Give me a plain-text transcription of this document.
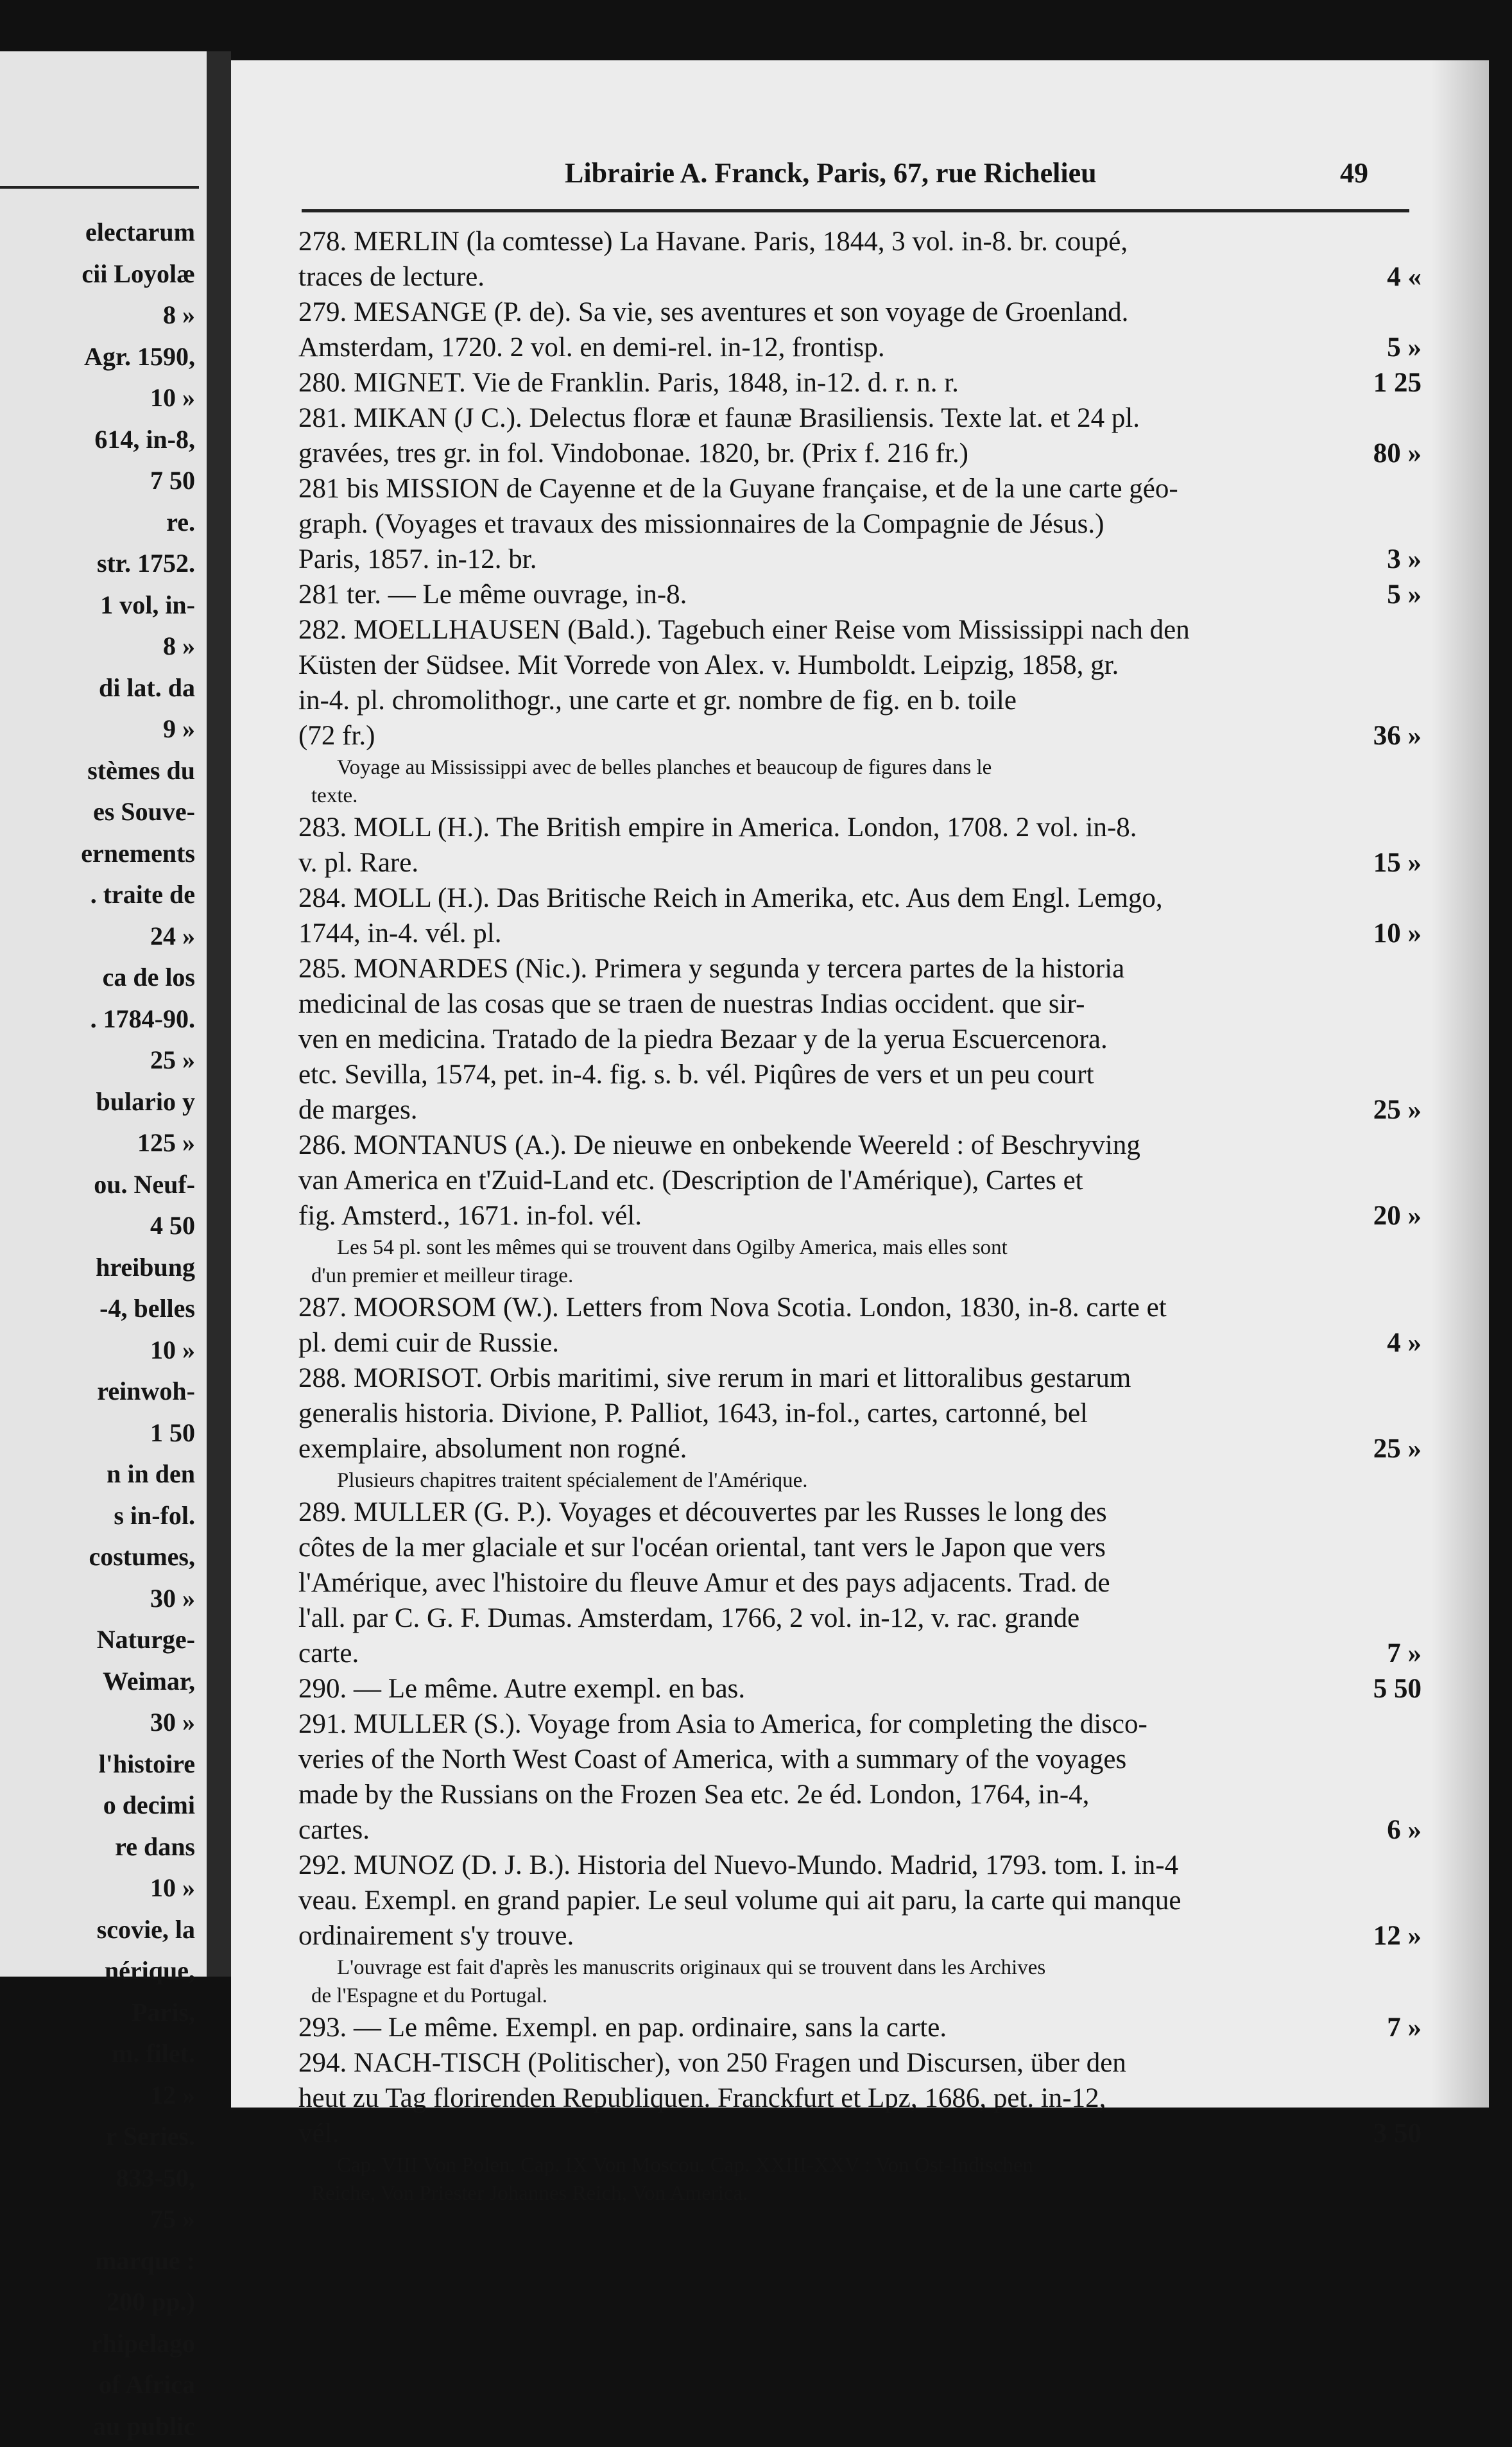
electarum
cii Loyolæ
8 »
Agr. 1590,
10 »
614, in-8,
7 50
re.
str. 1752.
1 vol, in-
8 »
di lat. da
9 »
stèmes du
es Souve-
ernements
. traite de
24 »
ca de los
. 1784-90.
25 »
bulario y
125 »
ou. Neuf-
4 50
hreibung
-4, belles
10 »
reinwoh-
1 50
n in den
s in-fol.
costumes,
30 »
Naturge-
Weimar,
30 »
l'histoire
o decimi
re dans
10 »
scovie, la
nérique,
Paris,
m. filet.
12 »
r Series.
833-50,
75 »
marque :
200 pp.)
rhipelago
of Africa
au public
Librairie A. Franck, Paris, 67, rue Richelieu	49
278. MERLIN (la comtesse) La Havane. Paris, 1844, 3 vol. in-8. br. coupé,
traces de lecture.	4 «
279. MESANGE (P. de). Sa vie, ses aventures et son voyage de Groenland.
Amsterdam, 1720. 2 vol. en demi-rel. in-12, frontisp.	5 »
280. MIGNET. Vie de Franklin. Paris, 1848, in-12. d. r. n. r.	1 25
281. MIKAN (J C.). Delectus floræ et faunæ Brasiliensis. Texte lat. et 24 pl.
gravées, tres gr. in fol. Vindobonae. 1820, br. (Prix f. 216 fr.)	80 »
281 bis MISSION de Cayenne et de la Guyane française, et de la une carte géo-
graph. (Voyages et travaux des missionnaires de la Compagnie de Jésus.)
Paris, 1857. in-12. br.	3 »
281 ter. — Le même ouvrage, in-8.	5 »
282. MOELLHAUSEN (Bald.). Tagebuch einer Reise vom Mississippi nach den
Küsten der Südsee. Mit Vorrede von Alex. v. Humboldt. Leipzig, 1858, gr.
in-4. pl. chromolithogr., une carte et gr. nombre de fig. en b. toile
(72 fr.)	36 »
Voyage au Mississippi avec de belles planches et beaucoup de figures dans le
texte.
283. MOLL (H.). The British empire in America. London, 1708. 2 vol. in-8.
v. pl. Rare.	15 »
284. MOLL (H.). Das Britische Reich in Amerika, etc. Aus dem Engl. Lemgo,
1744, in-4. vél. pl.	10 »
285. MONARDES (Nic.). Primera y segunda y tercera partes de la historia
medicinal de las cosas que se traen de nuestras Indias occident. que sir-
ven en medicina. Tratado de la piedra Bezaar y de la yerua Escuercenora.
etc. Sevilla, 1574, pet. in-4. fig. s. b. vél. Piqûres de vers et un peu court
de marges.	25 »
286. MONTANUS (A.). De nieuwe en onbekende Weereld : of Beschryving
van America en t'Zuid-Land etc. (Description de l'Amérique), Cartes et
fig. Amsterd., 1671. in-fol. vél.	20 »
Les 54 pl. sont les mêmes qui se trouvent dans Ogilby America, mais elles sont
d'un premier et meilleur tirage.
287. MOORSOM (W.). Letters from Nova Scotia. London, 1830, in-8. carte et
pl. demi cuir de Russie.	4 »
288. MORISOT. Orbis maritimi, sive rerum in mari et littoralibus gestarum
generalis historia. Divione, P. Palliot, 1643, in-fol., cartes, cartonné, bel
exemplaire, absolument non rogné.	25 »
Plusieurs chapitres traitent spécialement de l'Amérique.
289. MULLER (G. P.). Voyages et découvertes par les Russes le long des
côtes de la mer glaciale et sur l'océan oriental, tant vers le Japon que vers
l'Amérique, avec l'histoire du fleuve Amur et des pays adjacents. Trad. de
l'all. par C. G. F. Dumas. Amsterdam, 1766, 2 vol. in-12, v. rac. grande
carte.	7 »
290. — Le même. Autre exempl. en bas.	5 50
291. MULLER (S.). Voyage from Asia to America, for completing the disco-
veries of the North West Coast of America, with a summary of the voyages
made by the Russians on the Frozen Sea etc. 2e éd. London, 1764, in-4,
cartes.	6 »
292. MUNOZ (D. J. B.). Historia del Nuevo-Mundo. Madrid, 1793. tom. I. in-4
veau. Exempl. en grand papier. Le seul volume qui ait paru, la carte qui manque
ordinairement s'y trouve.	12 »
L'ouvrage est fait d'après les manuscrits originaux qui se trouvent dans les Archives
de l'Espagne et du Portugal.
293. — Le même. Exempl. en pap. ordinaire, sans la carte.	7 »
294. NACH-TISCH (Politischer), von 250 Fragen und Discursen, über den
heut zu Tag florirenden Republiquen. Franckfurt et Lpz, 1686, pet. in-12,
vél.	3 50
Cap. VIII Von Polen. Cap. IX Von Moscou. Cap. XXIII-XXV : Von Ost-Indischen
Reiche, Von Priester Johannes Reich, Von America.
